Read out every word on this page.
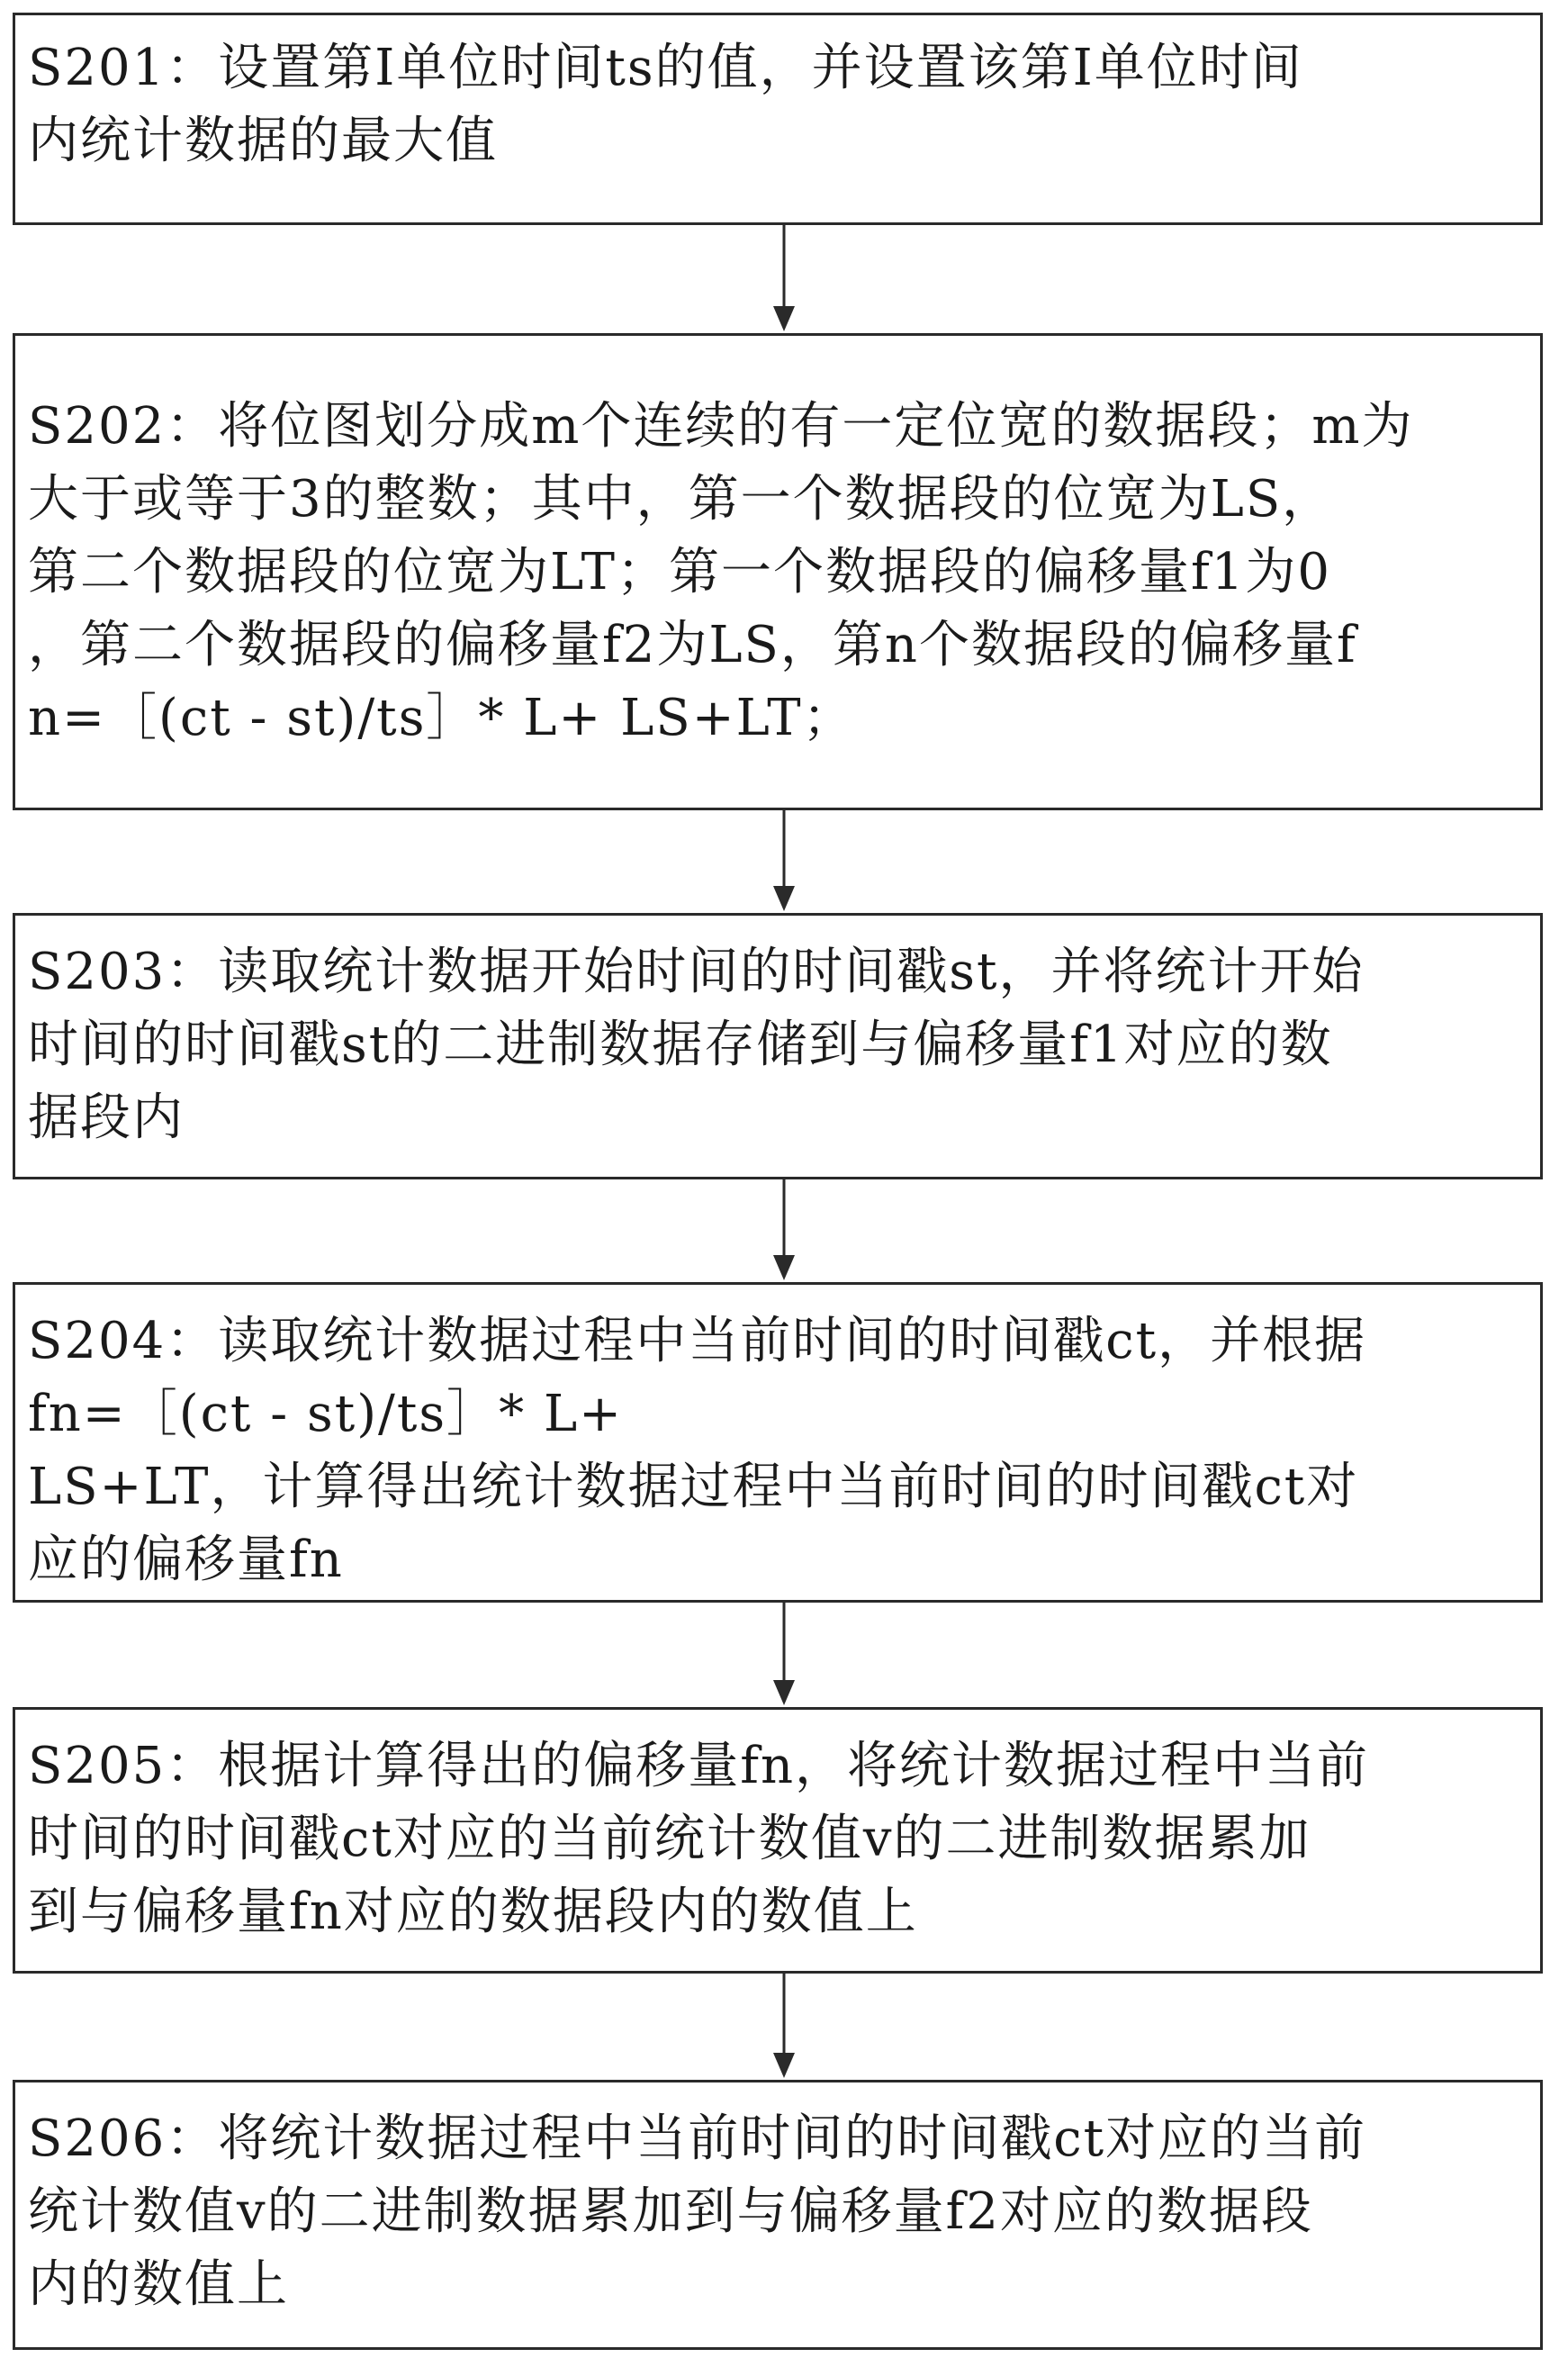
S201：设置第Ⅰ单位时间ts的值，并设置该第Ⅰ单位时间
内统计数据的最大值
S202：将位图划分成m个连续的有一定位宽的数据段；m为
大于或等于3的整数；其中，第一个数据段的位宽为LS，
第二个数据段的位宽为LT；第一个数据段的偏移量f1为0
，第二个数据段的偏移量f2为LS，第n个数据段的偏移量f
n=［(ct - st)/ts］* L+ LS+LT；
S203：读取统计数据开始时间的时间戳st，并将统计开始
时间的时间戳st的二进制数据存储到与偏移量f1对应的数
据段内
S204：读取统计数据过程中当前时间的时间戳ct，并根据
fn=［(ct - st)/ts］* L+
LS+LT，计算得出统计数据过程中当前时间的时间戳ct对
应的偏移量fn
S205：根据计算得出的偏移量fn，将统计数据过程中当前
时间的时间戳ct对应的当前统计数值v的二进制数据累加
到与偏移量fn对应的数据段内的数值上
S206：将统计数据过程中当前时间的时间戳ct对应的当前
统计数值v的二进制数据累加到与偏移量f2对应的数据段
内的数值上
